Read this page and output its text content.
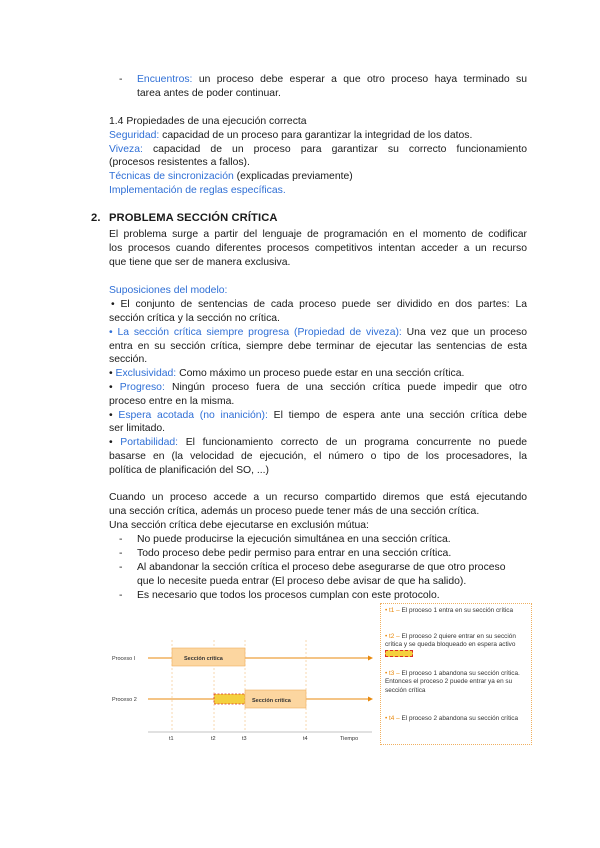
- Encuentros: un proceso debe esperar a que otro proceso haya terminado su
tarea antes de poder continuar.
1.4 Propiedades de una ejecución correcta
Seguridad: capacidad de un proceso para garantizar la integridad de los datos.
Viveza: capacidad de un proceso para garantizar su correcto funcionamiento
(procesos resistentes a fallos).
Técnicas de sincronización (explicadas previamente)
Implementación de reglas específicas.
2. PROBLEMA SECCIÓN CRÍTICA
El problema surge a partir del lenguaje de programación en el momento de codificar
los procesos cuando diferentes procesos competitivos intentan acceder a un recurso
que tiene que ser de manera exclusiva.
Suposiciones del modelo:
• El conjunto de sentencias de cada proceso puede ser dividido en dos partes: La
sección crítica y la sección no crítica.
• La sección crítica siempre progresa (Propiedad de viveza): Una vez que un proceso
entra en su sección crítica, siempre debe terminar de ejecutar las sentencias de esta
sección.
• Exclusividad: Como máximo un proceso puede estar en una sección crítica.
• Progreso: Ningún proceso fuera de una sección crítica puede impedir que otro
proceso entre en la misma.
• Espera acotada (no inanición): El tiempo de espera ante una sección crítica debe
ser limitado.
• Portabilidad: El funcionamiento correcto de un programa concurrente no puede
basarse en (la velocidad de ejecución, el número o tipo de los procesadores, la
política de planificación del SO, ...)
Cuando un proceso accede a un recurso compartido diremos que está ejecutando
una sección crítica, además un proceso puede tener más de una sección crítica.
Una sección crítica debe ejecutarse en exclusión mútua:
- No puede producirse la ejecución simultánea en una sección crítica.
- Todo proceso debe pedir permiso para entrar en una sección crítica.
- Al abandonar la sección crítica el proceso debe asegurarse de que otro proceso
que lo necesite pueda entrar (El proceso debe avisar de que ha salido).
- Es necesario que todos los procesos cumplan con este protocolo.
Proceso I
Proceso 2
Sección crítica
Sección crítica
t1	t2	t3	t4	Tiempo
• t1 – El proceso 1 entra en su sección crítica
• t2 – El proceso 2 quiere entrar en su sección crítica y se queda bloqueado en espera activo
• t3 – El proceso 1 abandona su sección crítica. Entonces el proceso 2 puede entrar ya en su sección crítica
• t4 – El proceso 2 abandona su sección crítica
